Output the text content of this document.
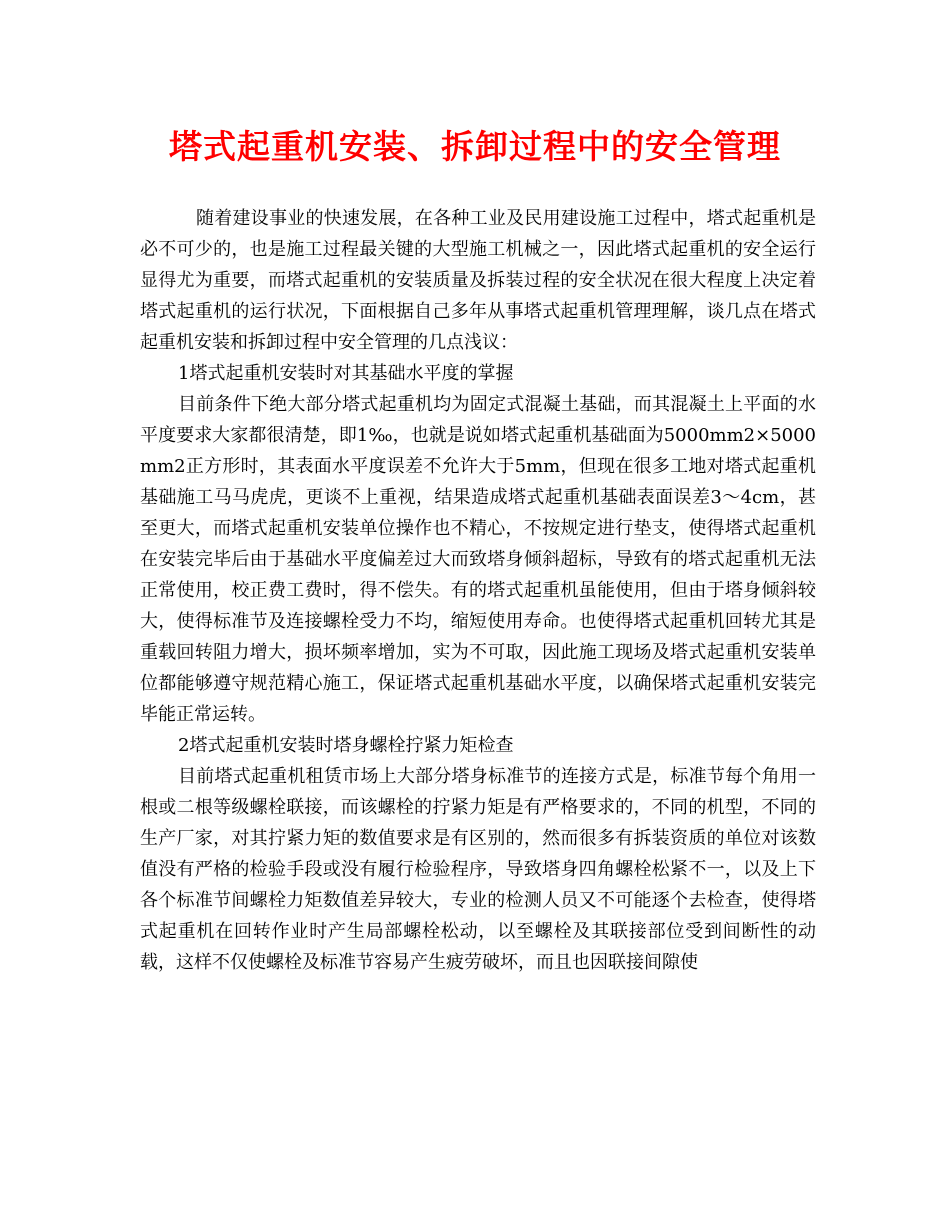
塔式起重机安装、拆卸过程中的安全管理

随着建设事业的快速发展，在各种工业及民用建设施工过程中，塔式起重机是必不可少的，也是施工过程最关键的大型施工机械之一，因此塔式起重机的安全运行显得尤为重要，而塔式起重机的安装质量及拆装过程的安全状况在很大程度上决定着塔式起重机的运行状况，下面根据自己多年从事塔式起重机管理理解，谈几点在塔式起重机安装和拆卸过程中安全管理的几点浅议：

1塔式起重机安装时对其基础水平度的掌握

目前条件下绝大部分塔式起重机均为固定式混凝土基础，而其混凝土上平面的水平度要求大家都很清楚，即1‰，也就是说如塔式起重机基础面为5000mm2×5000mm2正方形时，其表面水平度误差不允许大于5mm，但现在很多工地对塔式起重机基础施工马马虎虎，更谈不上重视，结果造成塔式起重机基础表面误差3～4cm，甚至更大，而塔式起重机安装单位操作也不精心，不按规定进行垫支，使得塔式起重机在安装完毕后由于基础水平度偏差过大而致塔身倾斜超标，导致有的塔式起重机无法正常使用，校正费工费时，得不偿失。有的塔式起重机虽能使用，但由于塔身倾斜较大，使得标准节及连接螺栓受力不均，缩短使用寿命。也使得塔式起重机回转尤其是重载回转阻力增大，损坏频率增加，实为不可取，因此施工现场及塔式起重机安装单位都能够遵守规范精心施工，保证塔式起重机基础水平度，以确保塔式起重机安装完毕能正常运转。

2塔式起重机安装时塔身螺栓拧紧力矩检查

目前塔式起重机租赁市场上大部分塔身标准节的连接方式是，标准节每个角用一根或二根等级螺栓联接，而该螺栓的拧紧力矩是有严格要求的，不同的机型，不同的生产厂家，对其拧紧力矩的数值要求是有区别的，然而很多有拆装资质的单位对该数值没有严格的检验手段或没有履行检验程序，导致塔身四角螺栓松紧不一，以及上下各个标准节间螺栓力矩数值差异较大，专业的检测人员又不可能逐个去检查，使得塔式起重机在回转作业时产生局部螺栓松动，以至螺栓及其联接部位受到间断性的动载，这样不仅使螺栓及标准节容易产生疲劳破坏，而且也因联接间隙使
